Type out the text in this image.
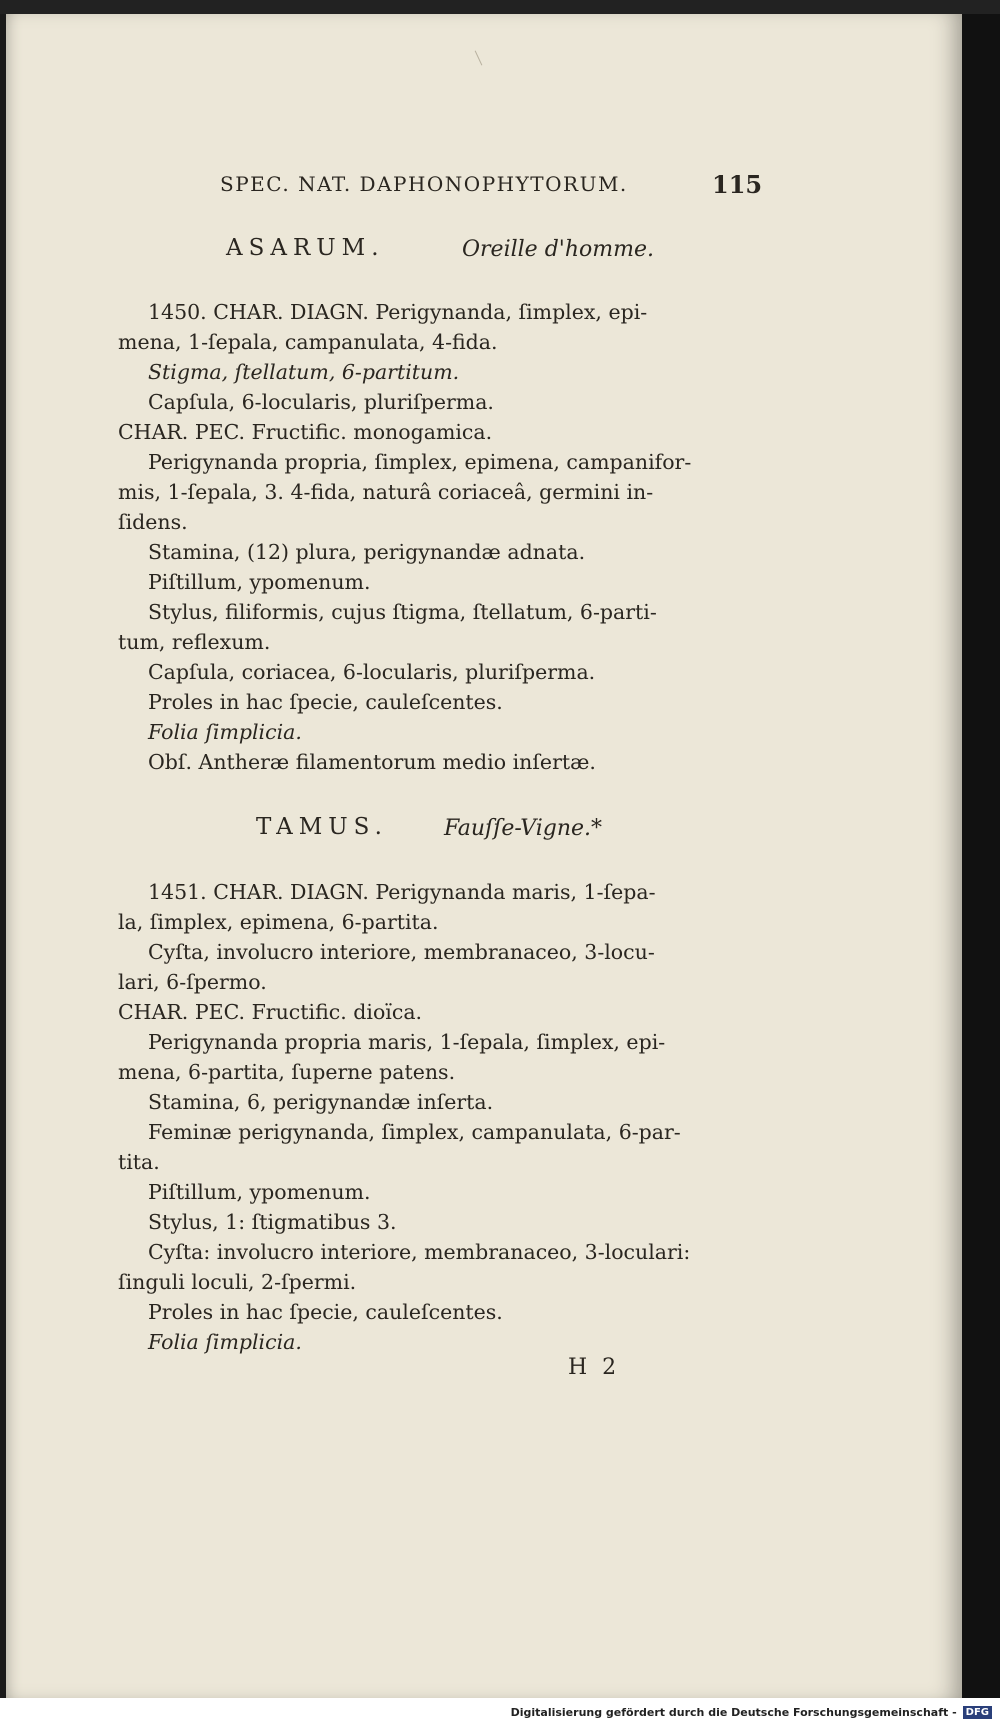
SPEC. NAT. DAPHONOPHYTORUM.	115
ASARUM.	Oreille d'homme.
1450. CHAR. DIAGN. Perigynanda, ſimplex, epi-
mena, 1-ſepala, campanulata, 4-fida.
Stigma, ſtellatum, 6-partitum.
Capſula, 6-locularis, pluriſperma.
CHAR. PEC. Fructific. monogamica.
Perigynanda propria, ſimplex, epimena, campanifor-
mis, 1-ſepala, 3. 4-fida, naturâ coriaceâ, germini in-
ſidens.
Stamina, (12) plura, perigynandæ adnata.
Piſtillum, ypomenum.
Stylus, filiformis, cujus ſtigma, ſtellatum, 6-parti-
tum, reflexum.
Capſula, coriacea, 6-locularis, pluriſperma.
Proles in hac ſpecie, cauleſcentes.
Folia ſimplicia.
Obſ. Antheræ filamentorum medio inſertæ.
TAMUS.	Fauſſe-Vigne.*
1451. CHAR. DIAGN. Perigynanda maris, 1-ſepa-
la, ſimplex, epimena, 6-partita.
Cyſta, involucro interiore, membranaceo, 3-locu-
lari, 6-ſpermo.
CHAR. PEC. Fructific. dioïca.
Perigynanda propria maris, 1-ſepala, ſimplex, epi-
mena, 6-partita, ſuperne patens.
Stamina, 6, perigynandæ inſerta.
Feminæ perigynanda, ſimplex, campanulata, 6-par-
tita.
Piſtillum, ypomenum.
Stylus, 1: ſtigmatibus 3.
Cyſta: involucro interiore, membranaceo, 3-loculari:
ſinguli loculi, 2-ſpermi.
Proles in hac ſpecie, cauleſcentes.
Folia ſimplicia.
H 2
Digitalisierung gefördert durch die Deutsche Forschungsgemeinschaft - DFG
